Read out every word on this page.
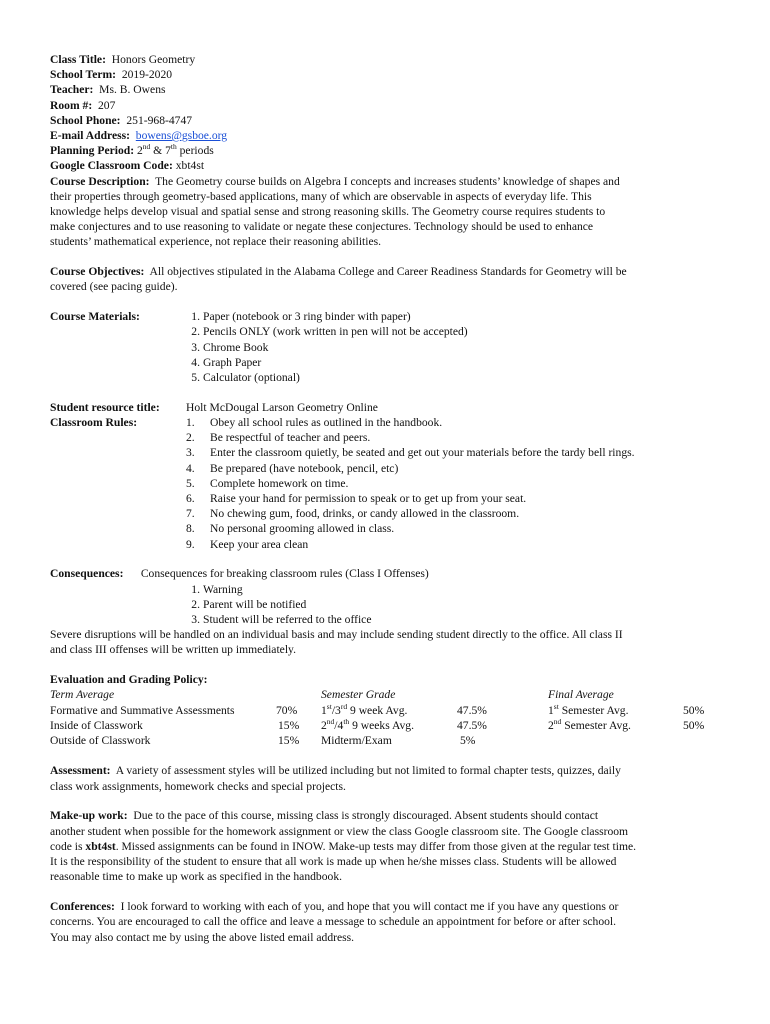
Class Title: Honors Geometry
School Term: 2019-2020
Teacher: Ms. B. Owens
Room #: 207
School Phone: 251-968-4747
E-mail Address: bowens@gsboe.org
Planning Period: 2nd & 7th periods
Google Classroom Code: xbt4st
Course Description: The Geometry course builds on Algebra I concepts and increases students’ knowledge of shapes and
their properties through geometry-based applications, many of which are observable in aspects of everyday life. This
knowledge helps develop visual and spatial sense and strong reasoning skills. The Geometry course requires students to
make conjectures and to use reasoning to validate or negate these conjectures. Technology should be used to enhance
students’ mathematical experience, not replace their reasoning abilities.
Course Objectives: All objectives stipulated in the Alabama College and Career Readiness Standards for Geometry will be
covered (see pacing guide).
Course Materials:	1. Paper (notebook or 3 ring binder with paper)
2. Pencils ONLY (work written in pen will not be accepted)
3. Chrome Book
4. Graph Paper
5. Calculator (optional)
Student resource title:	Holt McDougal Larson Geometry Online
Classroom Rules:	1. Obey all school rules as outlined in the handbook.
2. Be respectful of teacher and peers.
3. Enter the classroom quietly, be seated and get out your materials before the tardy bell rings.
4. Be prepared (have notebook, pencil, etc)
5. Complete homework on time.
6. Raise your hand for permission to speak or to get up from your seat.
7. No chewing gum, food, drinks, or candy allowed in the classroom.
8. No personal grooming allowed in class.
9. Keep your area clean
Consequences: Consequences for breaking classroom rules (Class I Offenses)
1. Warning
2. Parent will be notified
3. Student will be referred to the office
Severe disruptions will be handled on an individual basis and may include sending student directly to the office. All class II
and class III offenses will be written up immediately.
Evaluation and Grading Policy:
Term Average
Formative and Summative Assessments	70%
Inside of Classwork	15%
Outside of Classwork	15%
Semester Grade
1st/3rd 9 week Avg.	47.5%
2nd/4th 9 weeks Avg.	47.5%
Midterm/Exam	5%
Final Average
1st Semester Avg.	50%
2nd Semester Avg.	50%
Assessment: A variety of assessment styles will be utilized including but not limited to formal chapter tests, quizzes, daily
class work assignments, homework checks and special projects.
Make-up work: Due to the pace of this course, missing class is strongly discouraged. Absent students should contact
another student when possible for the homework assignment or view the class Google classroom site. The Google classroom
code is xbt4st. Missed assignments can be found in INOW. Make-up tests may differ from those given at the regular test time.
It is the responsibility of the student to ensure that all work is made up when he/she misses class. Students will be allowed
reasonable time to make up work as specified in the handbook.
Conferences: I look forward to working with each of you, and hope that you will contact me if you have any questions or
concerns. You are encouraged to call the office and leave a message to schedule an appointment for before or after school.
You may also contact me by using the above listed email address.
